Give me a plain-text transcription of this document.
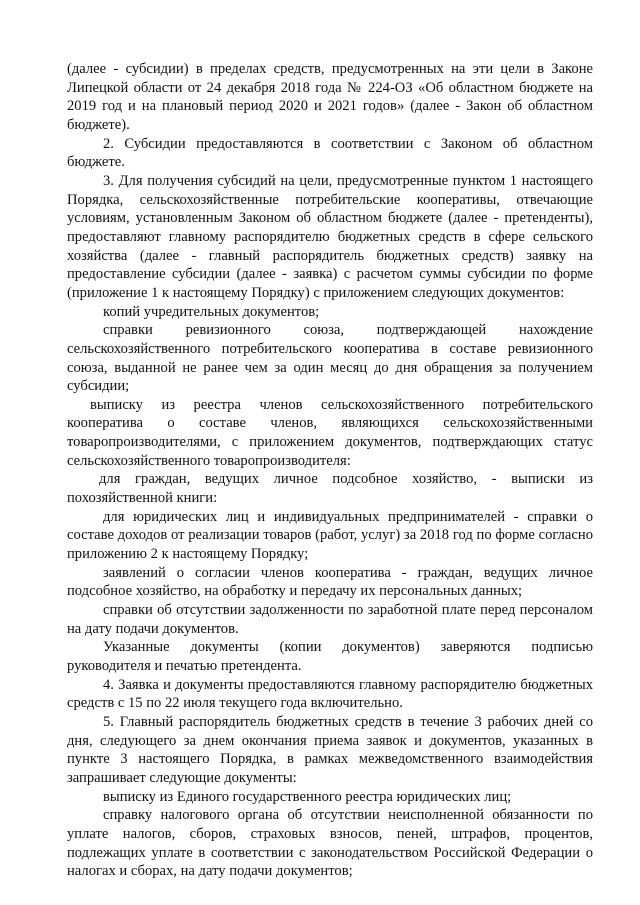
(далее - субсидии) в пределах средств, предусмотренных на эти цели в Законе Липецкой области от 24 декабря 2018 года № 224-ОЗ «Об областном бюджете на 2019 год и на плановый период 2020 и 2021 годов» (далее - Закон об областном бюджете).

2. Субсидии предоставляются в соответствии с Законом об областном бюджете.

3. Для получения субсидий на цели, предусмотренные пунктом 1 настоящего Порядка, сельскохозяйственные потребительские кооперативы, отвечающие условиям, установленным Законом об областном бюджете (далее - претенденты), предоставляют главному распорядителю бюджетных средств в сфере сельского хозяйства (далее - главный распорядитель бюджетных средств) заявку на предоставление субсидии (далее - заявка) с расчетом суммы субсидии по форме (приложение 1 к настоящему Порядку) с приложением следующих документов:

копий учредительных документов;

справки ревизионного союза, подтверждающей нахождение сельскохозяйственного потребительского кооператива в составе ревизионного союза, выданной не ранее чем за один месяц до дня обращения за получением субсидии;

выписку из реестра членов сельскохозяйственного потребительского кооператива о составе членов, являющихся сельскохозяйственными товаропроизводителями, с приложением документов, подтверждающих статус сельскохозяйственного товаропроизводителя:

для граждан, ведущих личное подсобное хозяйство, - выписки из похозяйственной книги:

для юридических лиц и индивидуальных предпринимателей - справки о составе доходов от реализации товаров (работ, услуг) за 2018 год по форме согласно приложению 2 к настоящему Порядку;

заявлений о согласии членов кооператива - граждан, ведущих личное подсобное хозяйство, на обработку и передачу их персональных данных;

справки об отсутствии задолженности по заработной плате перед персоналом на дату подачи документов.

Указанные документы (копии документов) заверяются подписью руководителя и печатью претендента.

4. Заявка и документы предоставляются главному распорядителю бюджетных средств с 15 по 22 июля текущего года включительно.

5. Главный распорядитель бюджетных средств в течение 3 рабочих дней со дня, следующего за днем окончания приема заявок и документов, указанных в пункте 3 настоящего Порядка, в рамках межведомственного взаимодействия запрашивает следующие документы:

выписку из Единого государственного реестра юридических лиц;

справку налогового органа об отсутствии неисполненной обязанности по уплате налогов, сборов, страховых взносов, пеней, штрафов, процентов, подлежащих уплате в соответствии с законодательством Российской Федерации о налогах и сборах, на дату подачи документов;
